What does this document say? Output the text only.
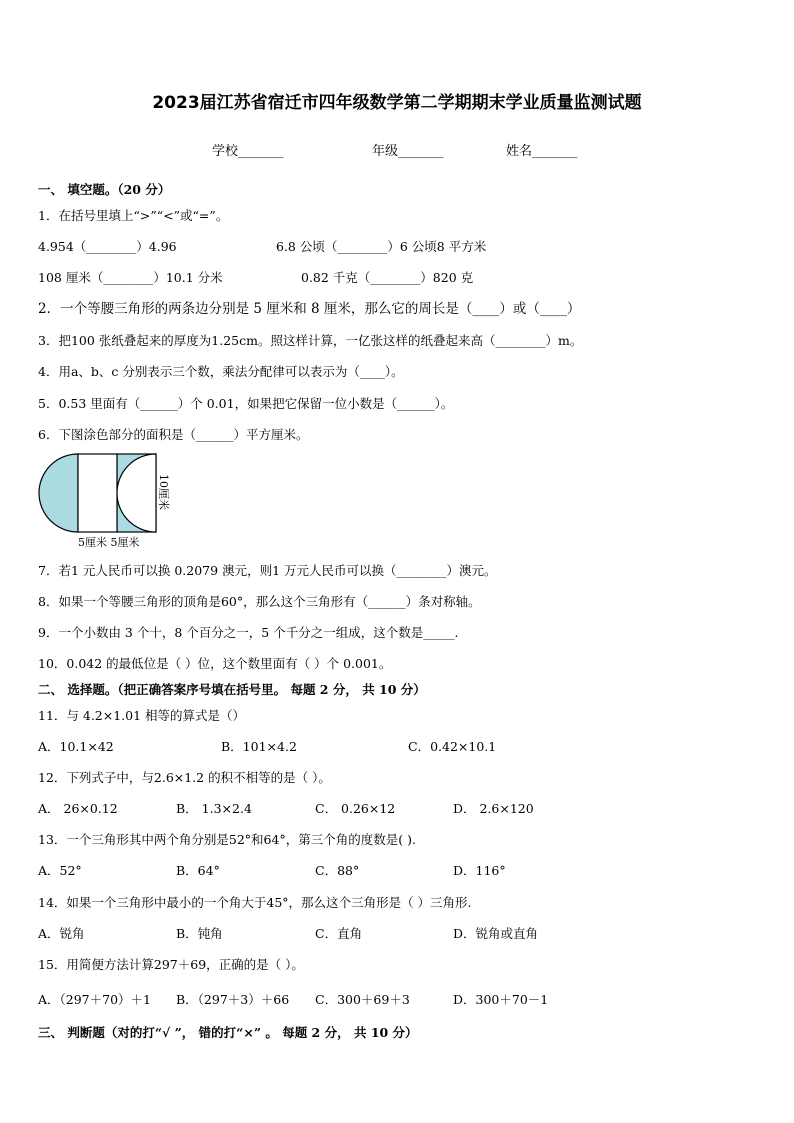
2023届江苏省宿迁市四年级数学第二学期期末学业质量监测试题
学校_______	年级_______	姓名_______
一、 填空题。（20 分）
1．在括号里填上“>”“<”或“=”。
4.954（________）4.96	6.8 公顷（________）6 公顷8 平方米
108 厘米（________）10.1 分米	0.82 千克（________）820 克
2．一个等腰三角形的两条边分别是 5 厘米和 8 厘米，那么它的周长是（____）或（____）
3．把100 张纸叠起来的厚度为1.25cm。照这样计算，一亿张这样的纸叠起来高（________）m。
4．用a、b、c 分别表示三个数，乘法分配律可以表示为（____）。
5．0.53 里面有（______）个 0.01，如果把它保留一位小数是（______）。
6．下图涂色部分的面积是（______）平方厘米。
10厘米
5厘米 5厘米
7．若1 元人民币可以换 0.2079 澳元，则1 万元人民币可以换（________）澳元。
8．如果一个等腰三角形的顶角是60°，那么这个三角形有（______）条对称轴。
9．一个小数由 3 个十，8 个百分之一，5 个千分之一组成，这个数是_____.
10．0.042 的最低位是（ ）位，这个数里面有（ ）个 0.001。
二、 选择题。（把正确答案序号填在括号里。 每题 2 分， 共 10 分）
11．与 4.2×1.01 相等的算式是（）
A．10.1×42	B．101×4.2	C．0.42×10.1
12．下列式子中，与2.6×1.2 的积不相等的是（ ）。
A． 26×0.12	B． 1.3×2.4	C． 0.26×12	D． 2.6×120
13．一个三角形其中两个角分别是52°和64°，第三个角的度数是( ).
A．52°	B．64°	C．88°	D．116°
14．如果一个三角形中最小的一个角大于45°，那么这个三角形是（ ）三角形.
A．锐角	B．钝角	C．直角	D．锐角或直角
15．用简便方法计算297＋69，正确的是（ ）。
A．（297＋70）＋1 B．（297＋3）＋66 C．300＋69＋3	D．300＋70－1
三、 判断题（对的打“√ ”， 错的打“×” 。 每题 2 分， 共 10 分）
